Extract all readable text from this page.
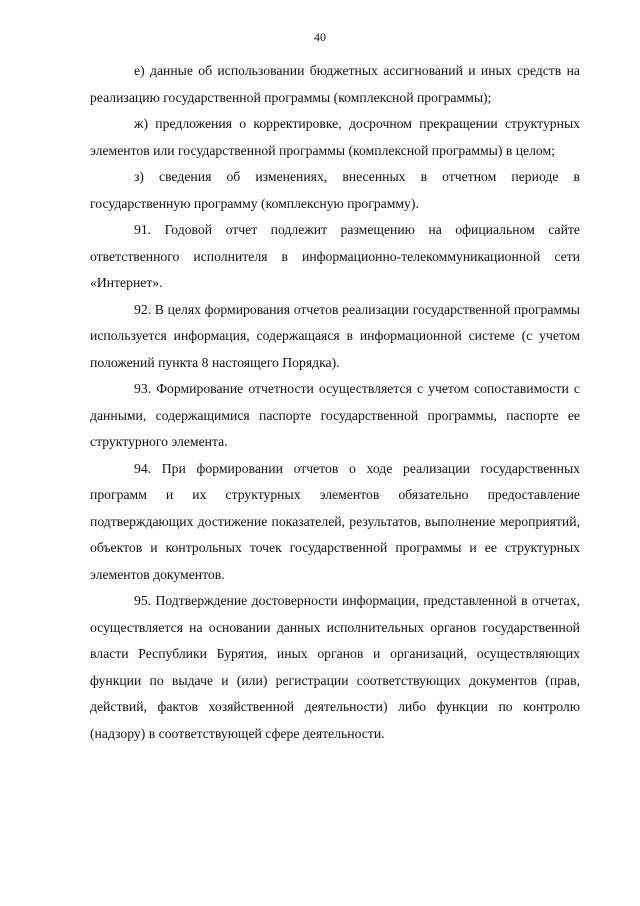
40

е) данные об использовании бюджетных ассигнований и иных средств на реализацию государственной программы (комплексной программы);

ж) предложения о корректировке, досрочном прекращении структурных элементов или государственной программы (комплексной программы) в целом;

з) сведения об изменениях, внесенных в отчетном периоде в государственную программу (комплексную программу).

91. Годовой отчет подлежит размещению на официальном сайте ответственного исполнителя в информационно-телекоммуникационной сети «Интернет».

92. В целях формирования отчетов реализации государственной программы используется информация, содержащаяся в информационной системе (с учетом положений пункта 8 настоящего Порядка).

93. Формирование отчетности осуществляется с учетом сопоставимости с данными, содержащимися паспорте государственной программы, паспорте ее структурного элемента.

94. При формировании отчетов о ходе реализации государственных программ и их структурных элементов обязательно предоставление подтверждающих достижение показателей, результатов, выполнение мероприятий, объектов и контрольных точек государственной программы и ее структурных элементов документов.

95. Подтверждение достоверности информации, представленной в отчетах, осуществляется на основании данных исполнительных органов государственной власти Республики Бурятия, иных органов и организаций, осуществляющих функции по выдаче и (или) регистрации соответствующих документов (прав, действий, фактов хозяйственной деятельности) либо функции по контролю (надзору) в соответствующей сфере деятельности.
